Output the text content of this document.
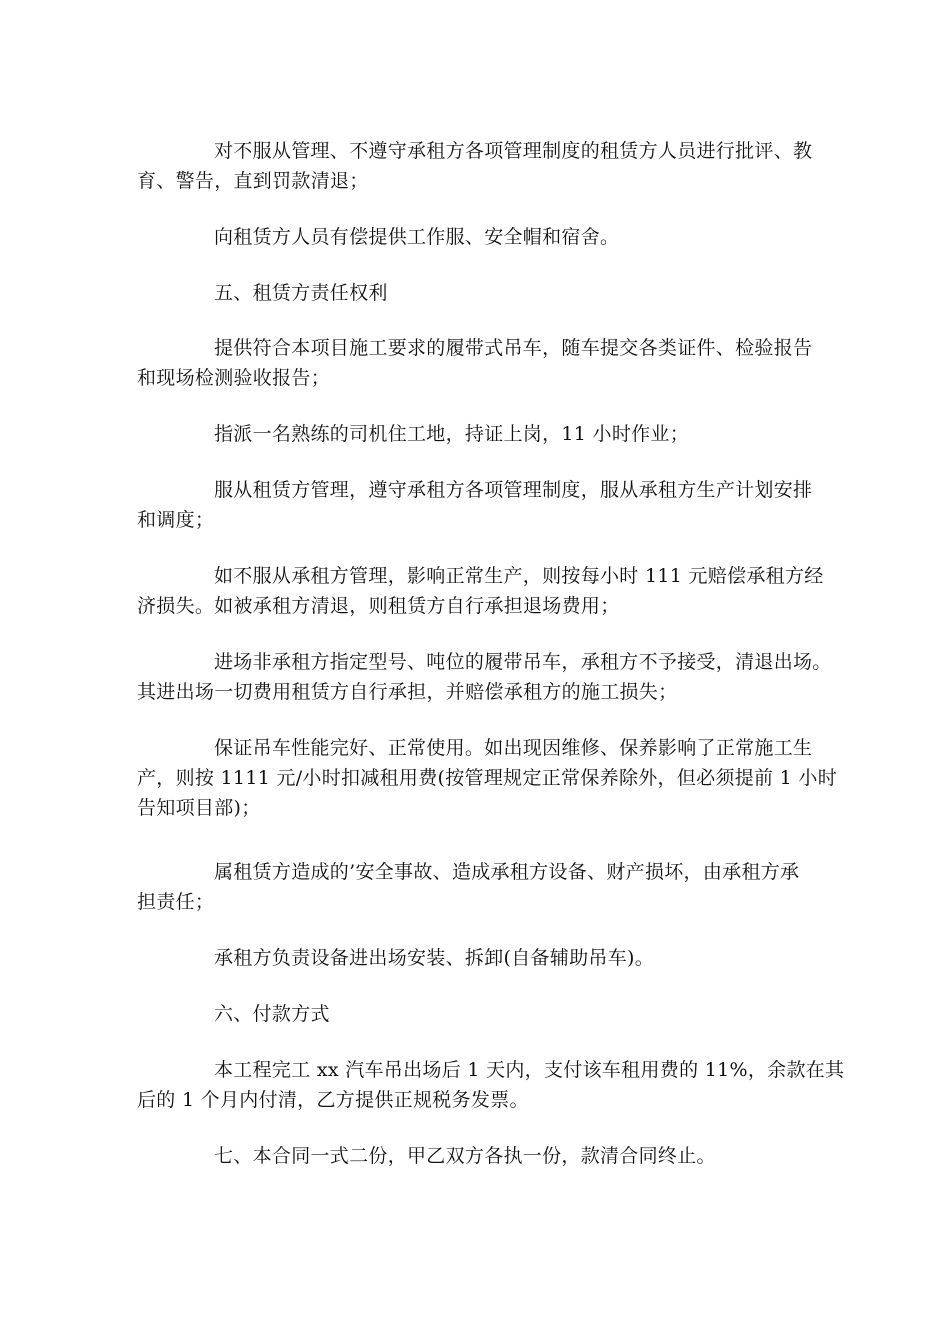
对不服从管理、不遵守承租方各项管理制度的租赁方人员进行批评、教
育、警告，直到罚款清退；
向租赁方人员有偿提供工作服、安全帽和宿舍。
五、租赁方责任权利
提供符合本项目施工要求的履带式吊车，随车提交各类证件、检验报告
和现场检测验收报告；
指派一名熟练的司机住工地，持证上岗，11 小时作业；
服从租赁方管理，遵守承租方各项管理制度，服从承租方生产计划安排
和调度；
如不服从承租方管理，影响正常生产，则按每小时 111 元赔偿承租方经
济损失。如被承租方清退，则租赁方自行承担退场费用；
进场非承租方指定型号、吨位的履带吊车，承租方不予接受，清退出场。
其进出场一切费用租赁方自行承担，并赔偿承租方的施工损失；
保证吊车性能完好、正常使用。如出现因维修、保养影响了正常施工生
产，则按 1111 元/小时扣减租用费(按管理规定正常保养除外，但必须提前 1 小时
告知项目部)；
属租赁方造成的’安全事故、造成承租方设备、财产损坏，由承租方承
担责任；
承租方负责设备进出场安装、拆卸(自备辅助吊车)。
六、付款方式
本工程完工 xx 汽车吊出场后 1 天内，支付该车租用费的 11%，余款在其
后的 1 个月内付清，乙方提供正规税务发票。
七、本合同一式二份，甲乙双方各执一份，款清合同终止。
